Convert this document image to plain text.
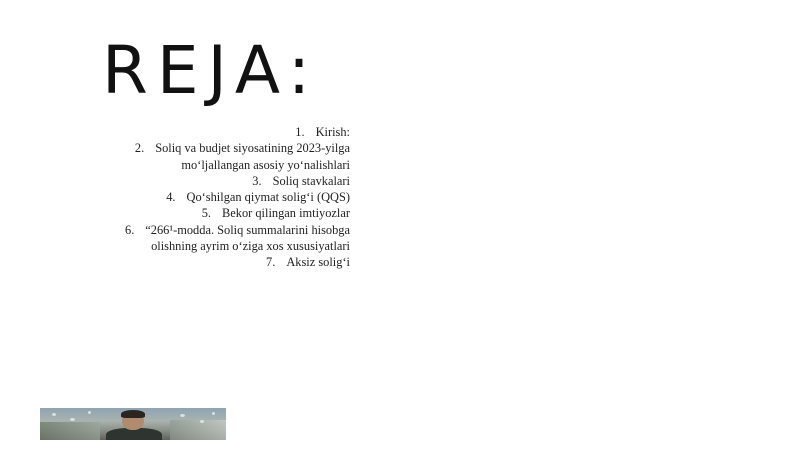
REJA:
1. Kirish:
2. Soliq va budjet siyosatining 2023-yilga
mo‘ljallangan asosiy yo‘nalishlari
3. Soliq stavkalari
4. Qo‘shilgan qiymat solig‘i (QQS)
5. Bekor qilingan imtiyozlar
6. “266¹-modda. Soliq summalarini hisobga
olishning ayrim o‘ziga xos xususiyatlari
7. Aksiz solig‘i
